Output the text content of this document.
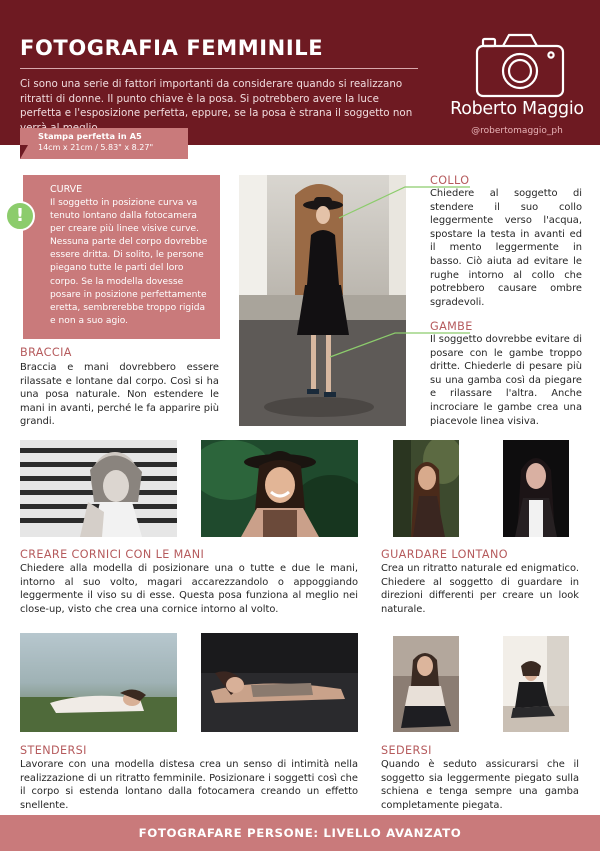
FOTOGRAFIA FEMMINILE
Ci sono una serie di fattori importanti da considerare quando si realizzano ritratti di donne. Il punto chiave è la posa. Si potrebbero avere la luce perfetta e l'esposizione perfetta, eppure, se la posa è strana il soggetto non
Stampa perfetta in A5
14cm x 21cm / 5.83" x 8.27"
Roberto Maggio
@robertomaggio_ph
!
CURVE
Il soggetto in posizione curva va tenuto lontano dalla fotocamera per creare più linee visive curve. Nessuna parte del corpo dovrebbe essere dritta. Di solito, le persone piegano tutte le parti del loro corpo. Se la modella dovesse posare in posizione perfettamente eretta, sembrerebbe troppo rigida e non a suo agio.
BRACCIA
Braccia e mani dovrebbero essere rilassate e lontane dal corpo. Così si ha una posa naturale. Non estendere le mani in avanti, perché le fa apparire più grandi.
COLLO
Chiedere al soggetto di stendere il suo collo leggermente verso l'acqua, spostare la testa in avanti ed il mento leggermente in basso. Ciò aiuta ad evitare le rughe intorno al collo che potrebbero causare ombre sgradevoli.
GAMBE
Il soggetto dovrebbe evitare di posare con le gambe troppo dritte. Chiederle di pesare più su una gamba così da piegare e rilassare l'altra. Anche incrociare le gambe crea una piacevole linea visiva.
CREARE CORNICI CON LE MANI
Chiedere alla modella di posizionare una o tutte e due le mani, intorno al suo volto, magari accarezzandolo o appoggiando leggermente il viso su di esse. Questa posa funziona al meglio nei close-up, visto che crea una cornice intorno al volto.
GUARDARE LONTANO
Crea un ritratto naturale ed enigmatico. Chiedere al soggetto di guardare in direzioni differenti per creare un look naturale.
STENDERSI
Lavorare con una modella distesa crea un senso di intimità nella realizzazione di un ritratto femminile. Posizionare i soggetti così che il corpo si estenda lontano dalla fotocamera creando un effetto snellente.
SEDERSI
Quando è seduto assicurarsi che il soggetto sia leggermente piegato sulla schiena e tenga sempre una gamba completamente piegata.
FOTOGRAFARE PERSONE: LIVELLO AVANZATO
